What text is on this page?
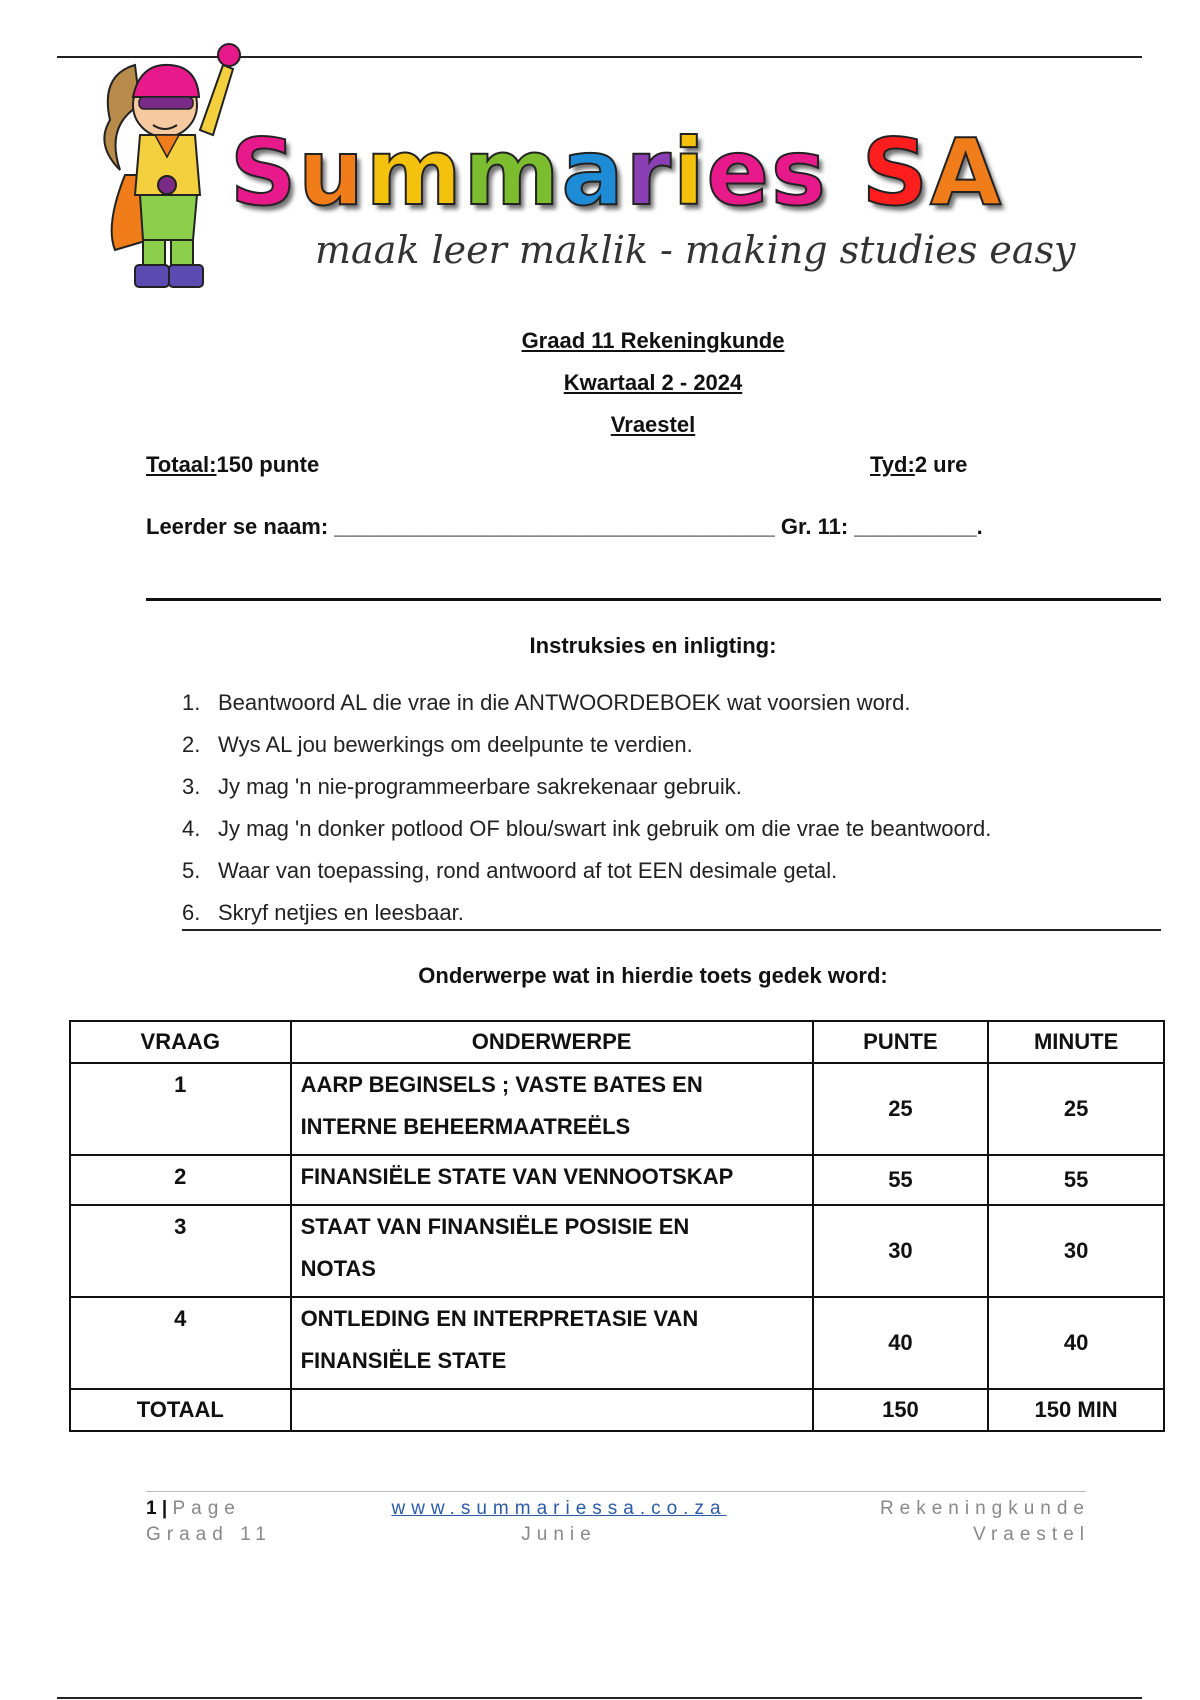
Summaries SA
maak leer maklik - making studies easy
Graad 11 Rekeningkunde
Kwartaal 2 - 2024
Vraestel
Totaal:150 punte	Tyd:2 ure
Leerder se naam: ____________________________________ Gr. 11: __________.
Instruksies en inligting:
1. Beantwoord AL die vrae in die ANTWOORDEBOEK wat voorsien word.
2. Wys AL jou bewerkings om deelpunte te verdien.
3. Jy mag 'n nie-programmeerbare sakrekenaar gebruik.
4. Jy mag 'n donker potlood OF blou/swart ink gebruik om die vrae te beantwoord.
5. Waar van toepassing, rond antwoord af tot EEN desimale getal.
6. Skryf netjies en leesbaar.
Onderwerpe wat in hierdie toets gedek word:
VRAAG	ONDERWERPE	PUNTE	MINUTE
1	AARP BEGINSELS ; VASTE BATES EN
INTERNE BEHEERMAATREËLS	25	25
2	FINANSIËLE STATE VAN VENNOOTSKAP	55	55
3	STAAT VAN FINANSIËLE POSISIE EN
NOTAS	30	30
4	ONTLEDING EN INTERPRETASIE VAN
FINANSIËLE STATE	40	40
TOTAAL		150	150 MIN
1 | Page
Graad 11
www.summariessa.co.za
Junie
Rekeningkunde
Vraestel
